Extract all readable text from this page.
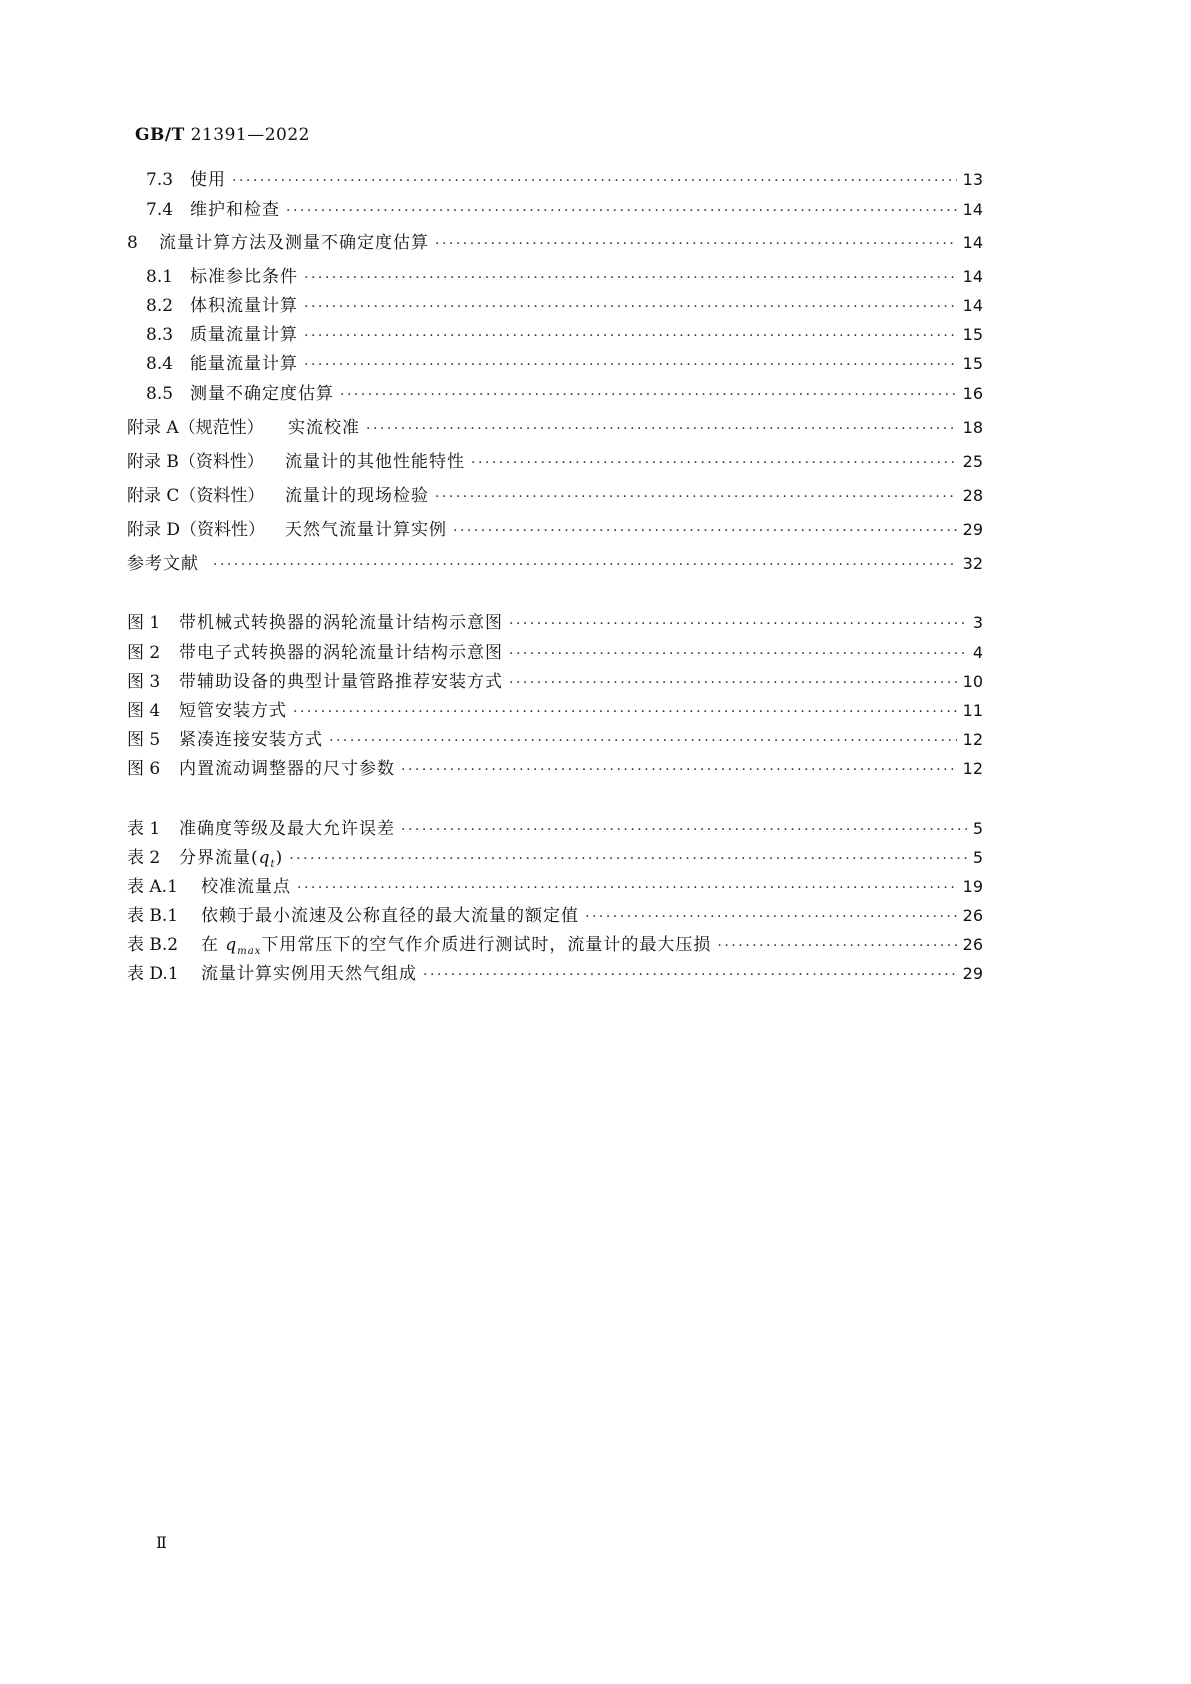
GB/T 21391—2022
7.3 使用 ·····	13
7.4 维护和检查 ·····	14
8	流量计算方法及测量不确定度估算 ·····	14
8.1 标准参比条件 ·····	14
8.2 体积流量计算 ·····	14
8.3 质量流量计算 ·····	15
8.4 能量流量计算 ·····	15
8.5 测量不确定度估算 ·····	16
附录 A（规范性）	实流校准 ·····	18
附录 B（资料性）	流量计的其他性能特性 ·····	25
附录 C（资料性）	流量计的现场检验 ·····	28
附录 D（资料性）	天然气流量计算实例 ·····	29
参考文献 ·····	32
图 1	带机械式转换器的涡轮流量计结构示意图 ·····	3
图 2	带电子式转换器的涡轮流量计结构示意图 ·····	4
图 3	带辅助设备的典型计量管路推荐安装方式 ·····	10
图 4	短管安装方式 ·····	11
图 5	紧凑连接安装方式 ·····	12
图 6	内置流动调整器的尺寸参数 ·····	12
表 1	准确度等级及最大允许误差 ·····	5
表 2	分界流量$(q_t)$ ·····	5
表 A.1	校准流量点 ·····	19
表 B.1	依赖于最小流速及公称直径的最大流量的额定值 ·····	26
表 B.2	在 $q_{max}$下用常压下的空气作介质进行测试时，流量计的最大压损 ·····	26
表 D.1	流量计算实例用天然气组成 ·····	29
Ⅱ
